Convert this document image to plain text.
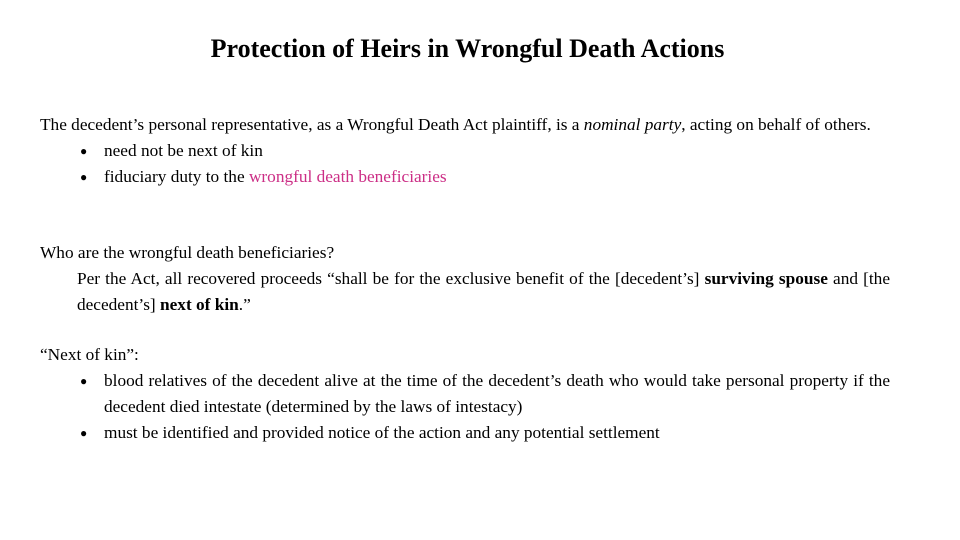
Protection of Heirs in Wrongful Death Actions
The decedent’s personal representative, as a Wrongful Death Act plaintiff, is a nominal party, acting on behalf of others.
● need not be next of kin
● fiduciary duty to the wrongful death beneficiaries
Who are the wrongful death beneficiaries?
Per the Act, all recovered proceeds “shall be for the exclusive benefit of the [decedent’s] surviving spouse and [the decedent’s] next of kin.”
“Next of kin”:
● blood relatives of the decedent alive at the time of the decedent’s death who would take personal property if the decedent died intestate (determined by the laws of intestacy)
● must be identified and provided notice of the action and any potential settlement
